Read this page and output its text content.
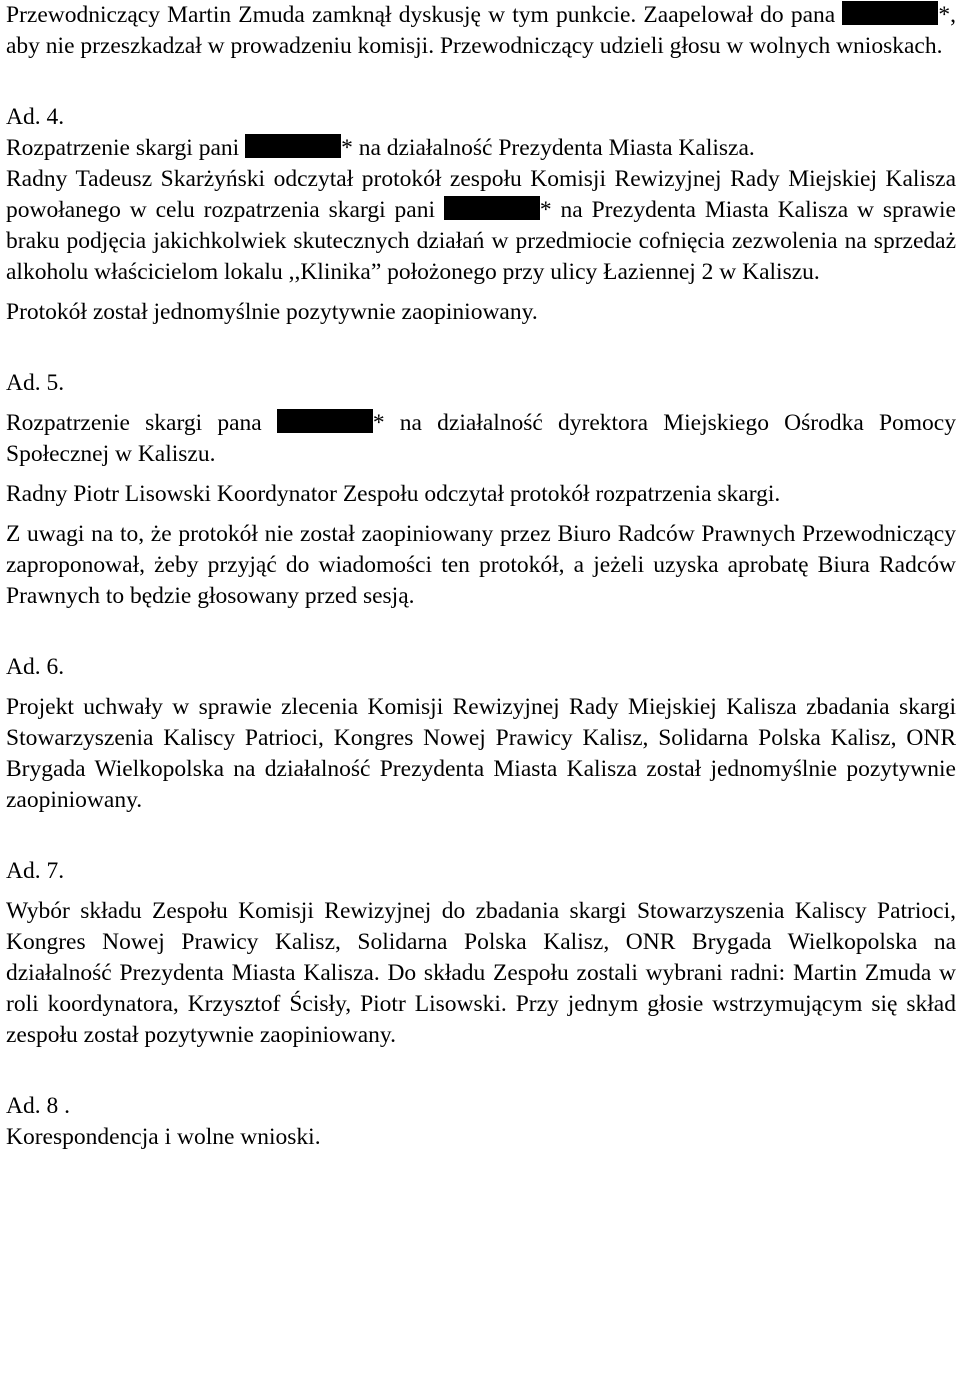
Przewodniczący Martin Zmuda zamknął dyskusję w tym punkcie. Zaapelował do pana	*, aby nie przeszkadzał w prowadzeniu komisji. Przewodniczący udzieli głosu w wolnych wnioskach.

Ad. 4.

Rozpatrzenie skargi pani	* na działalność Prezydenta Miasta Kalisza.

Radny Tadeusz Skarżyński odczytał protokół zespołu Komisji Rewizyjnej Rady Miejskiej Kalisza powołanego w celu rozpatrzenia skargi pani	* na Prezydenta Miasta Kalisza w sprawie braku podjęcia jakichkolwiek skutecznych działań w przedmiocie cofnięcia zezwolenia na sprzedaż alkoholu właścicielom lokalu ,,Klinika” położonego przy ulicy Łaziennej 2 w Kaliszu.

Protokół został jednomyślnie pozytywnie zaopiniowany.

Ad. 5.

Rozpatrzenie skargi pana	* na działalność dyrektora Miejskiego Ośrodka Pomocy Społecznej w Kaliszu.

Radny Piotr Lisowski Koordynator Zespołu odczytał protokół rozpatrzenia skargi.

Z uwagi na to, że protokół nie został zaopiniowany przez Biuro Radców Prawnych Przewodniczący zaproponował, żeby przyjąć do wiadomości ten protokół, a jeżeli uzyska aprobatę Biura Radców Prawnych to będzie głosowany przed sesją.

Ad. 6.

Projekt uchwały w sprawie zlecenia Komisji Rewizyjnej Rady Miejskiej Kalisza zbadania skargi Stowarzyszenia Kaliscy Patrioci, Kongres Nowej Prawicy Kalisz, Solidarna Polska Kalisz, ONR Brygada Wielkopolska na działalność Prezydenta Miasta Kalisza został jednomyślnie pozytywnie zaopiniowany.

Ad. 7.

Wybór składu Zespołu Komisji Rewizyjnej do zbadania skargi Stowarzyszenia Kaliscy Patrioci, Kongres Nowej Prawicy Kalisz, Solidarna Polska Kalisz, ONR Brygada Wielkopolska na działalność Prezydenta Miasta Kalisza. Do składu Zespołu zostali wybrani radni: Martin Zmuda w roli koordynatora, Krzysztof Ścisły, Piotr Lisowski. Przy jednym głosie wstrzymującym się skład zespołu został pozytywnie zaopiniowany.

Ad. 8 .

Korespondencja i wolne wnioski.
